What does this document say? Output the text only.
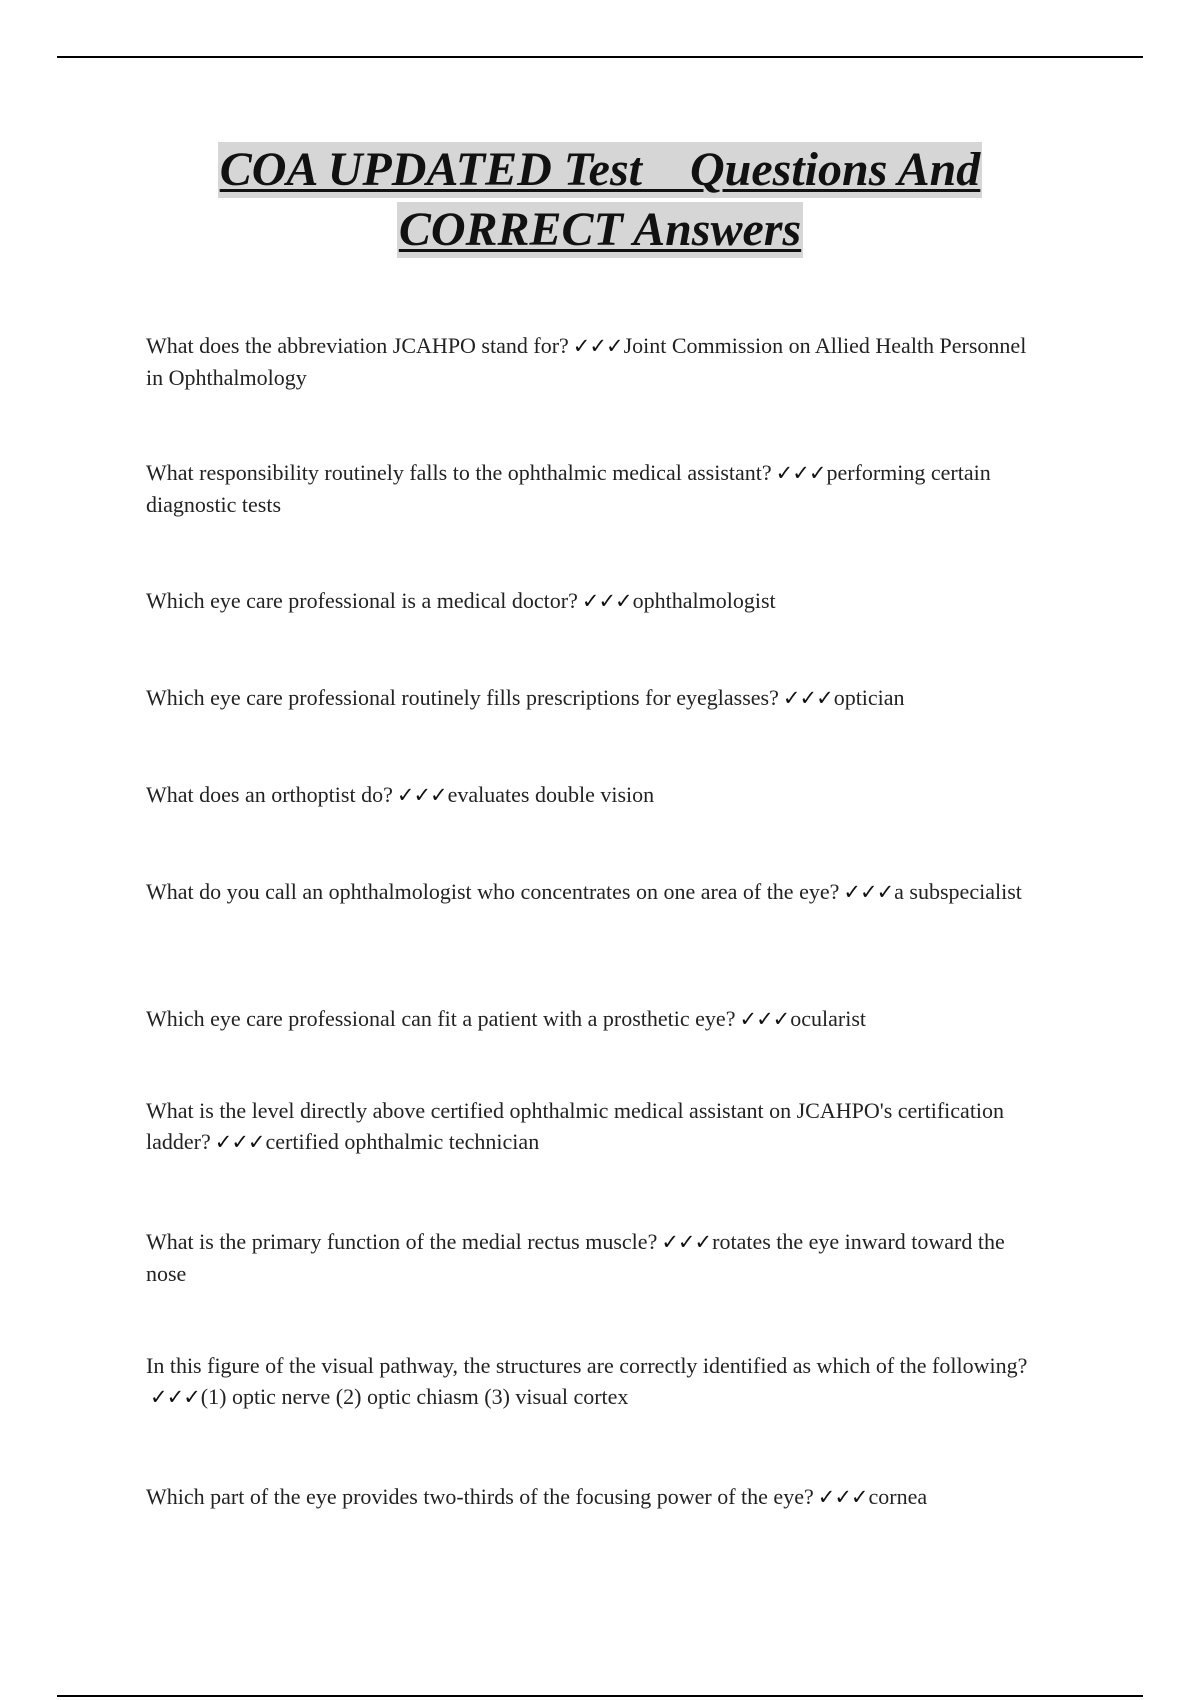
COA UPDATED Test    Questions And
CORRECT Answers
What does the abbreviation JCAHPO stand for? ✓✓✓Joint Commission on Allied Health Personnel in Ophthalmology
What responsibility routinely falls to the ophthalmic medical assistant? ✓✓✓performing certain diagnostic tests
Which eye care professional is a medical doctor? ✓✓✓ophthalmologist
Which eye care professional routinely fills prescriptions for eyeglasses? ✓✓✓optician
What does an orthoptist do? ✓✓✓evaluates double vision
What do you call an ophthalmologist who concentrates on one area of the eye? ✓✓✓a subspecialist
Which eye care professional can fit a patient with a prosthetic eye? ✓✓✓ocularist
What is the level directly above certified ophthalmic medical assistant on JCAHPO's certification ladder? ✓✓✓certified ophthalmic technician
What is the primary function of the medial rectus muscle? ✓✓✓rotates the eye inward toward the nose
In this figure of the visual pathway, the structures are correctly identified as which of the following?✓✓✓(1) optic nerve (2) optic chiasm (3) visual cortex
Which part of the eye provides two-thirds of the focusing power of the eye? ✓✓✓cornea
